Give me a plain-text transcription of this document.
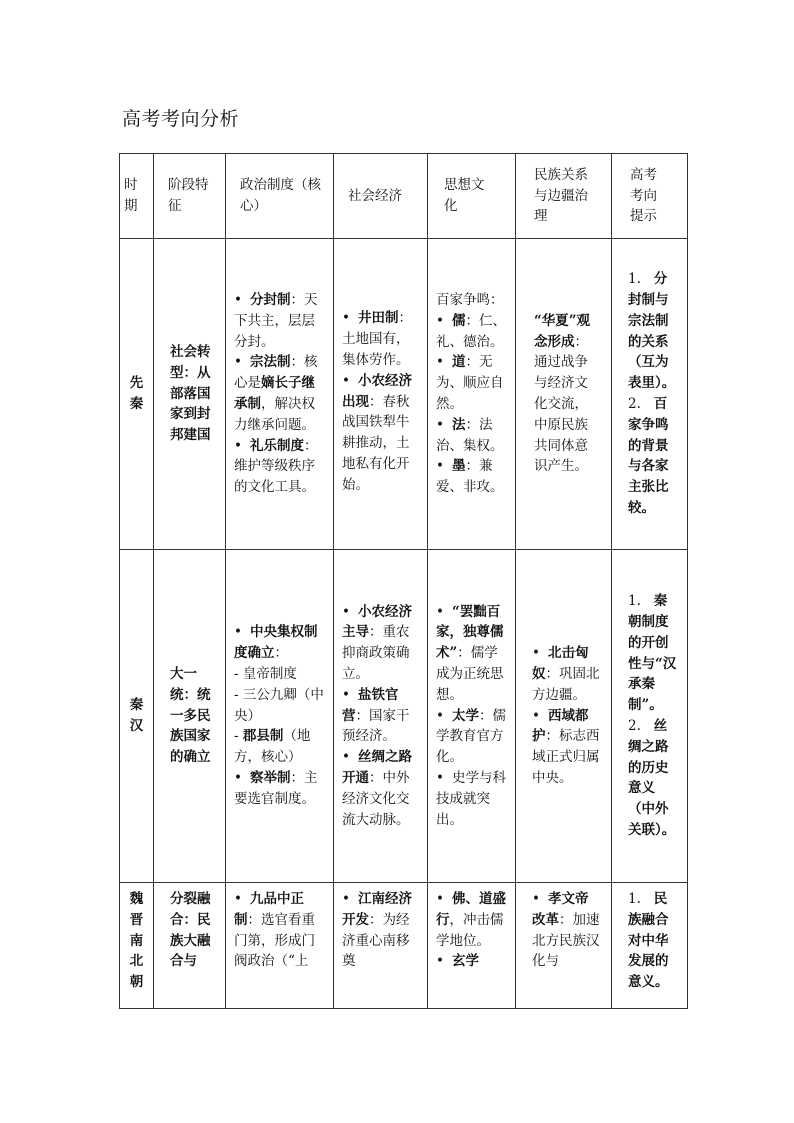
高考考向分析
时期	阶段特征	政治制度（核心）	社会经济	思想文化	民族关系与边疆治理	高考考向提示

先秦	社会转型：从部落国家到封邦建国	• 分封制：天下共主，层层分封。
• 宗法制：核心是嫡长子继承制，解决权力继承问题。
• 礼乐制度：维护等级秩序的文化工具。	• 井田制：土地国有，集体劳作。
• 小农经济出现：春秋战国铁犁牛耕推动，土地私有化开始。	百家争鸣：
• 儒：仁、礼、德治。
• 道：无为、顺应自然。
• 法：法治、集权。
• 墨：兼爱、非攻。	“华夏”观念形成：通过战争与经济文化交流，中原民族共同体意识产生。	1. 分封制与宗法制的关系（互为表里）。
2. 百家争鸣的背景与各家主张比较。

秦汉	大一统：统一多民族国家的确立	• 中央集权制度确立：
- 皇帝制度
- 三公九卿（中央）
- 郡县制（地方，核心）
• 察举制：主要选官制度。	• 小农经济主导：重农抑商政策确立。
• 盐铁官营：国家干预经济。
• 丝绸之路开通：中外经济文化交流大动脉。	• “罢黜百家，独尊儒术”：儒学成为正统思想。
• 太学：儒学教育官方化。
• 史学与科技成就突出。	• 北击匈奴：巩固北方边疆。
• 西域都护：标志西域正式归属中央。	1. 秦朝制度的开创性与“汉承秦制”。
2. 丝绸之路的历史意义（中外关联）。

魏晋南北朝	分裂融合：民族大融合与	• 九品中正制：选官看重门第，形成门阀政治（“上	• 江南经济开发：为经济重心南移奠	• 佛、道盛行，冲击儒学地位。
• 玄学	• 孝文帝改革：加速北方民族汉化与	1. 民族融合对中华发展的意义。
